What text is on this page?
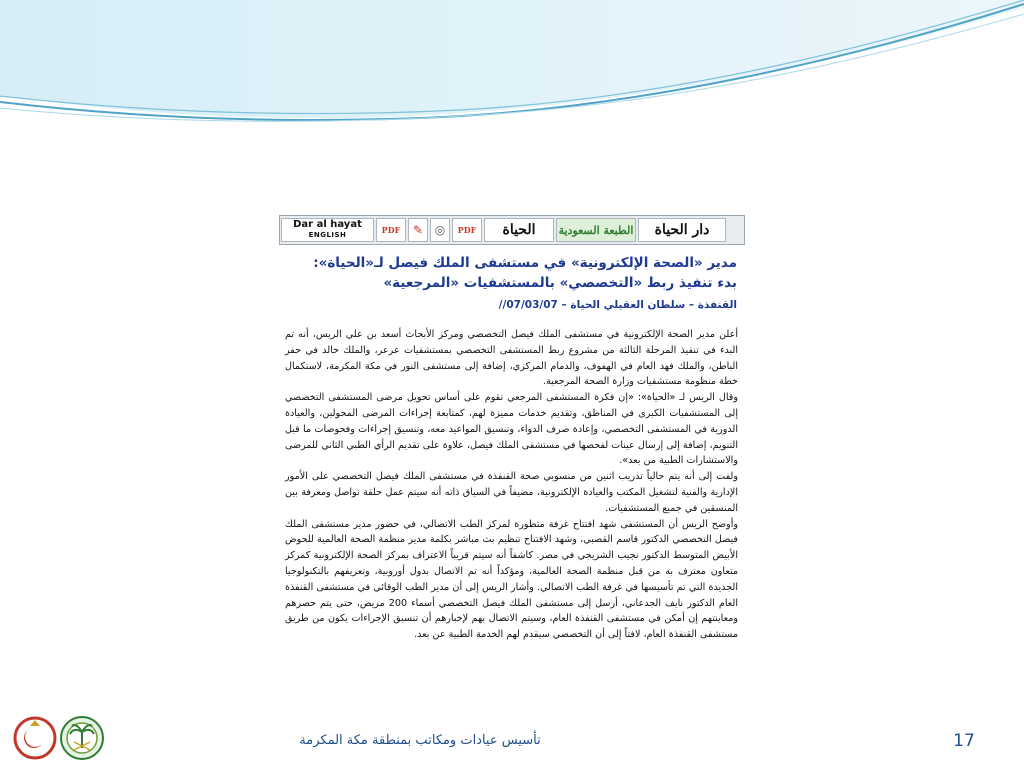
Dar al hayat
ENGLISH	PDF	✎ ◎	PDF الحياة الطبعة السعودية دار الحياة
مدير «الصحة الإلكترونية» في مستشفى الملك فيصل لـ«الحياة»: بدء تنفيذ ربط «التخصصي» بالمستشفيات «المرجعية»
القنفذة – سلطان العقيلي الحياة – 07/03/07//

أعلن مدير الصحة الإلكترونية في مستشفى الملك فيصل التخصصي ومركز الأبحاث أسعد بن علي الريس، أنه تم البدء في تنفيذ المرحلة الثالثة من مشروع ربط المستشفى التخصصي بمستشفيات عرعر، والملك خالد في حفر الباطن، والملك فهد العام في الهفوف، والدمام المركزي، إضافة إلى مستشفى النور في مكة المكرمة، لاستكمال خطة منظومة مستشفيات وزارة الصحة المرجعية.

وقال الريس لـ «الحياة»: «إن فكرة المستشفى المرجعي تقوم على أساس تحويل مرضى المستشفى التخصصي إلى المستشفيات الكبرى في المناطق، وتقديم خدمات مميزة لهم، كمتابعة إجراءات المرضى المحولين، والعيادة الدورية في المستشفى التخصصي، وإعادة صرف الدواء، وتنسيق المواعيد معه، وتنسيق إجراءات وفحوصات ما قبل التنويم، إضافة إلى إرسال عينات لفحصها في مستشفى الملك فيصل، علاوة على تقديم الرأي الطبي الثاني للمرضى والاستشارات الطبية من بعد».

ولفت إلى أنه يتم حالياً تدريب اثنين من منسوبي صحة القنفذة في مستشفى الملك فيصل التخصصي على الأمور الإدارية والفنية لتشغيل المكتب والعيادة الإلكترونية، مضيفاً في السياق ذاته أنه سيتم عمل حلقة تواصل ومعرفة بين المنسقين في جميع المستشفيات.

وأوضح الريس أن المستشفى شهد افتتاح غرفة متطورة لمركز الطب الاتصالي، في حضور مدير مستشفى الملك فيصل التخصصي الدكتور قاسم القصبي، وشهد الافتتاح تنظيم بث مباشر بكلمة مدير منظمة الصحة العالمية للحوض الأبيض المتوسط الدكتور نجيب الشريجي في مصر. كاشفاً أنه سيتم قريباً الاعتراف بمركز الصحة الإلكترونية كمركز متعاون معترف به من قبل منظمة الصحة العالمية، ومؤكداً أنه تم الاتصال بدول أوروبية، وتعريفهم بالتكنولوجيا الجديدة التي تم تأسيسها في غرفة الطب الاتصالي. وأشار الريس إلى أن مدير الطب الوقائي في مستشفى القنفذة العام الدكتور نايف الجدعاني، أرسل إلى مستشفى الملك فيصل التخصصي أسماء 200 مريض، حتى يتم حصرهم ومعاينتهم إن أمكن في مستشفى القنفذة العام، وسيتم الاتصال بهم لإخبارهم أن تنسيق الإجراءات يكون من طريق مستشفى القنفذة العام، لافتاً إلى أن التخصصي سيقدم لهم الخدمة الطبية عن بعد.

تأسيس عيادات ومكاتب بمنطقة مكة المكرمة	17
